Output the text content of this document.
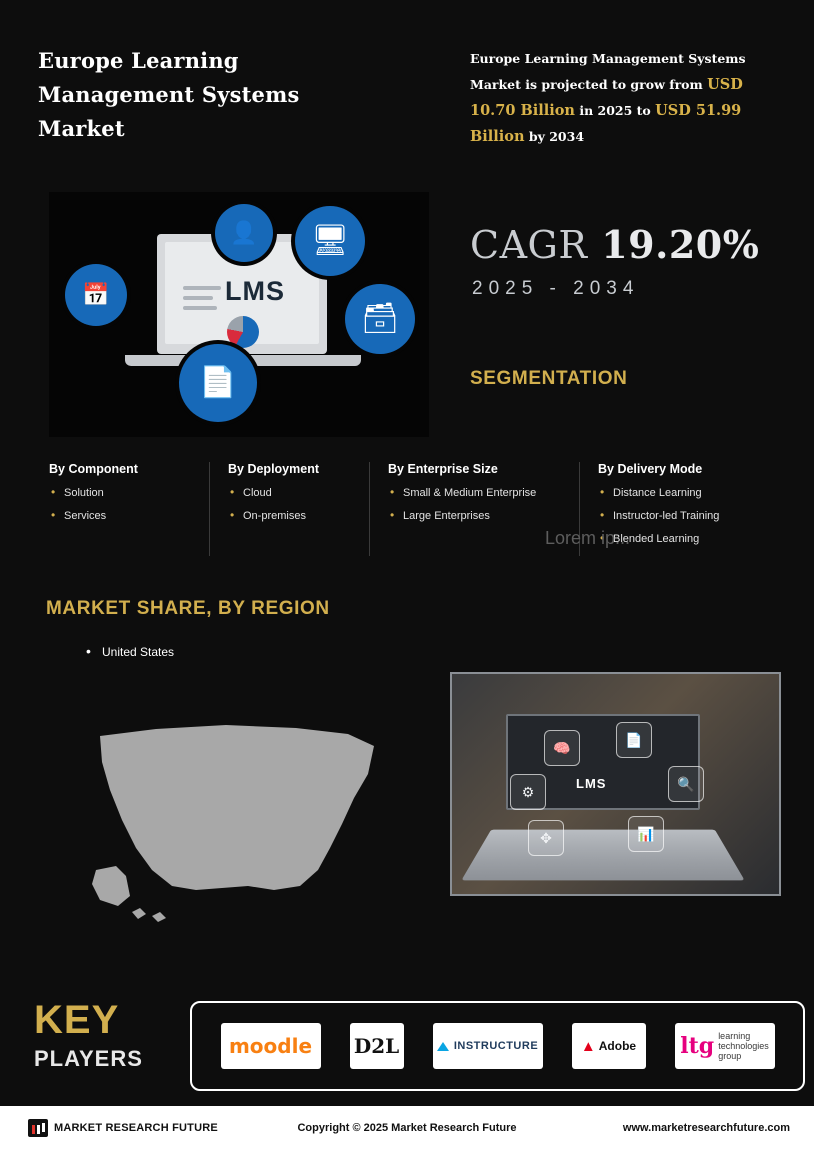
Europe Learning Management Systems Market
Europe Learning Management Systems Market is projected to grow from USD 10.70 Billion in 2025 to USD 51.99 Billion by 2034
LMS
📅
👤 🖥
🗃
📄
CAGR 19.20%
2025 - 2034
SEGMENTATION
By Component
• Solution
• Services
By Deployment
• Cloud
• On-premises
By Enterprise Size
• Small & Medium Enterprise
• Large Enterprises
By Delivery Mode
• Distance Learning
• Instructor-led Training
• Blended Learning
Lorem ip...
MARKET SHARE, BY REGION
• United States
🧠	📄
⚙	🔍
✥	📊
LMS
KEY
PLAYERS	moodle D2L	INSTRUCTURE	▲ Adobe ltg learning
technologies
group
MARKET RESEARCH FUTURE	Copyright © 2025 Market Research Future	www.marketresearchfuture.com
